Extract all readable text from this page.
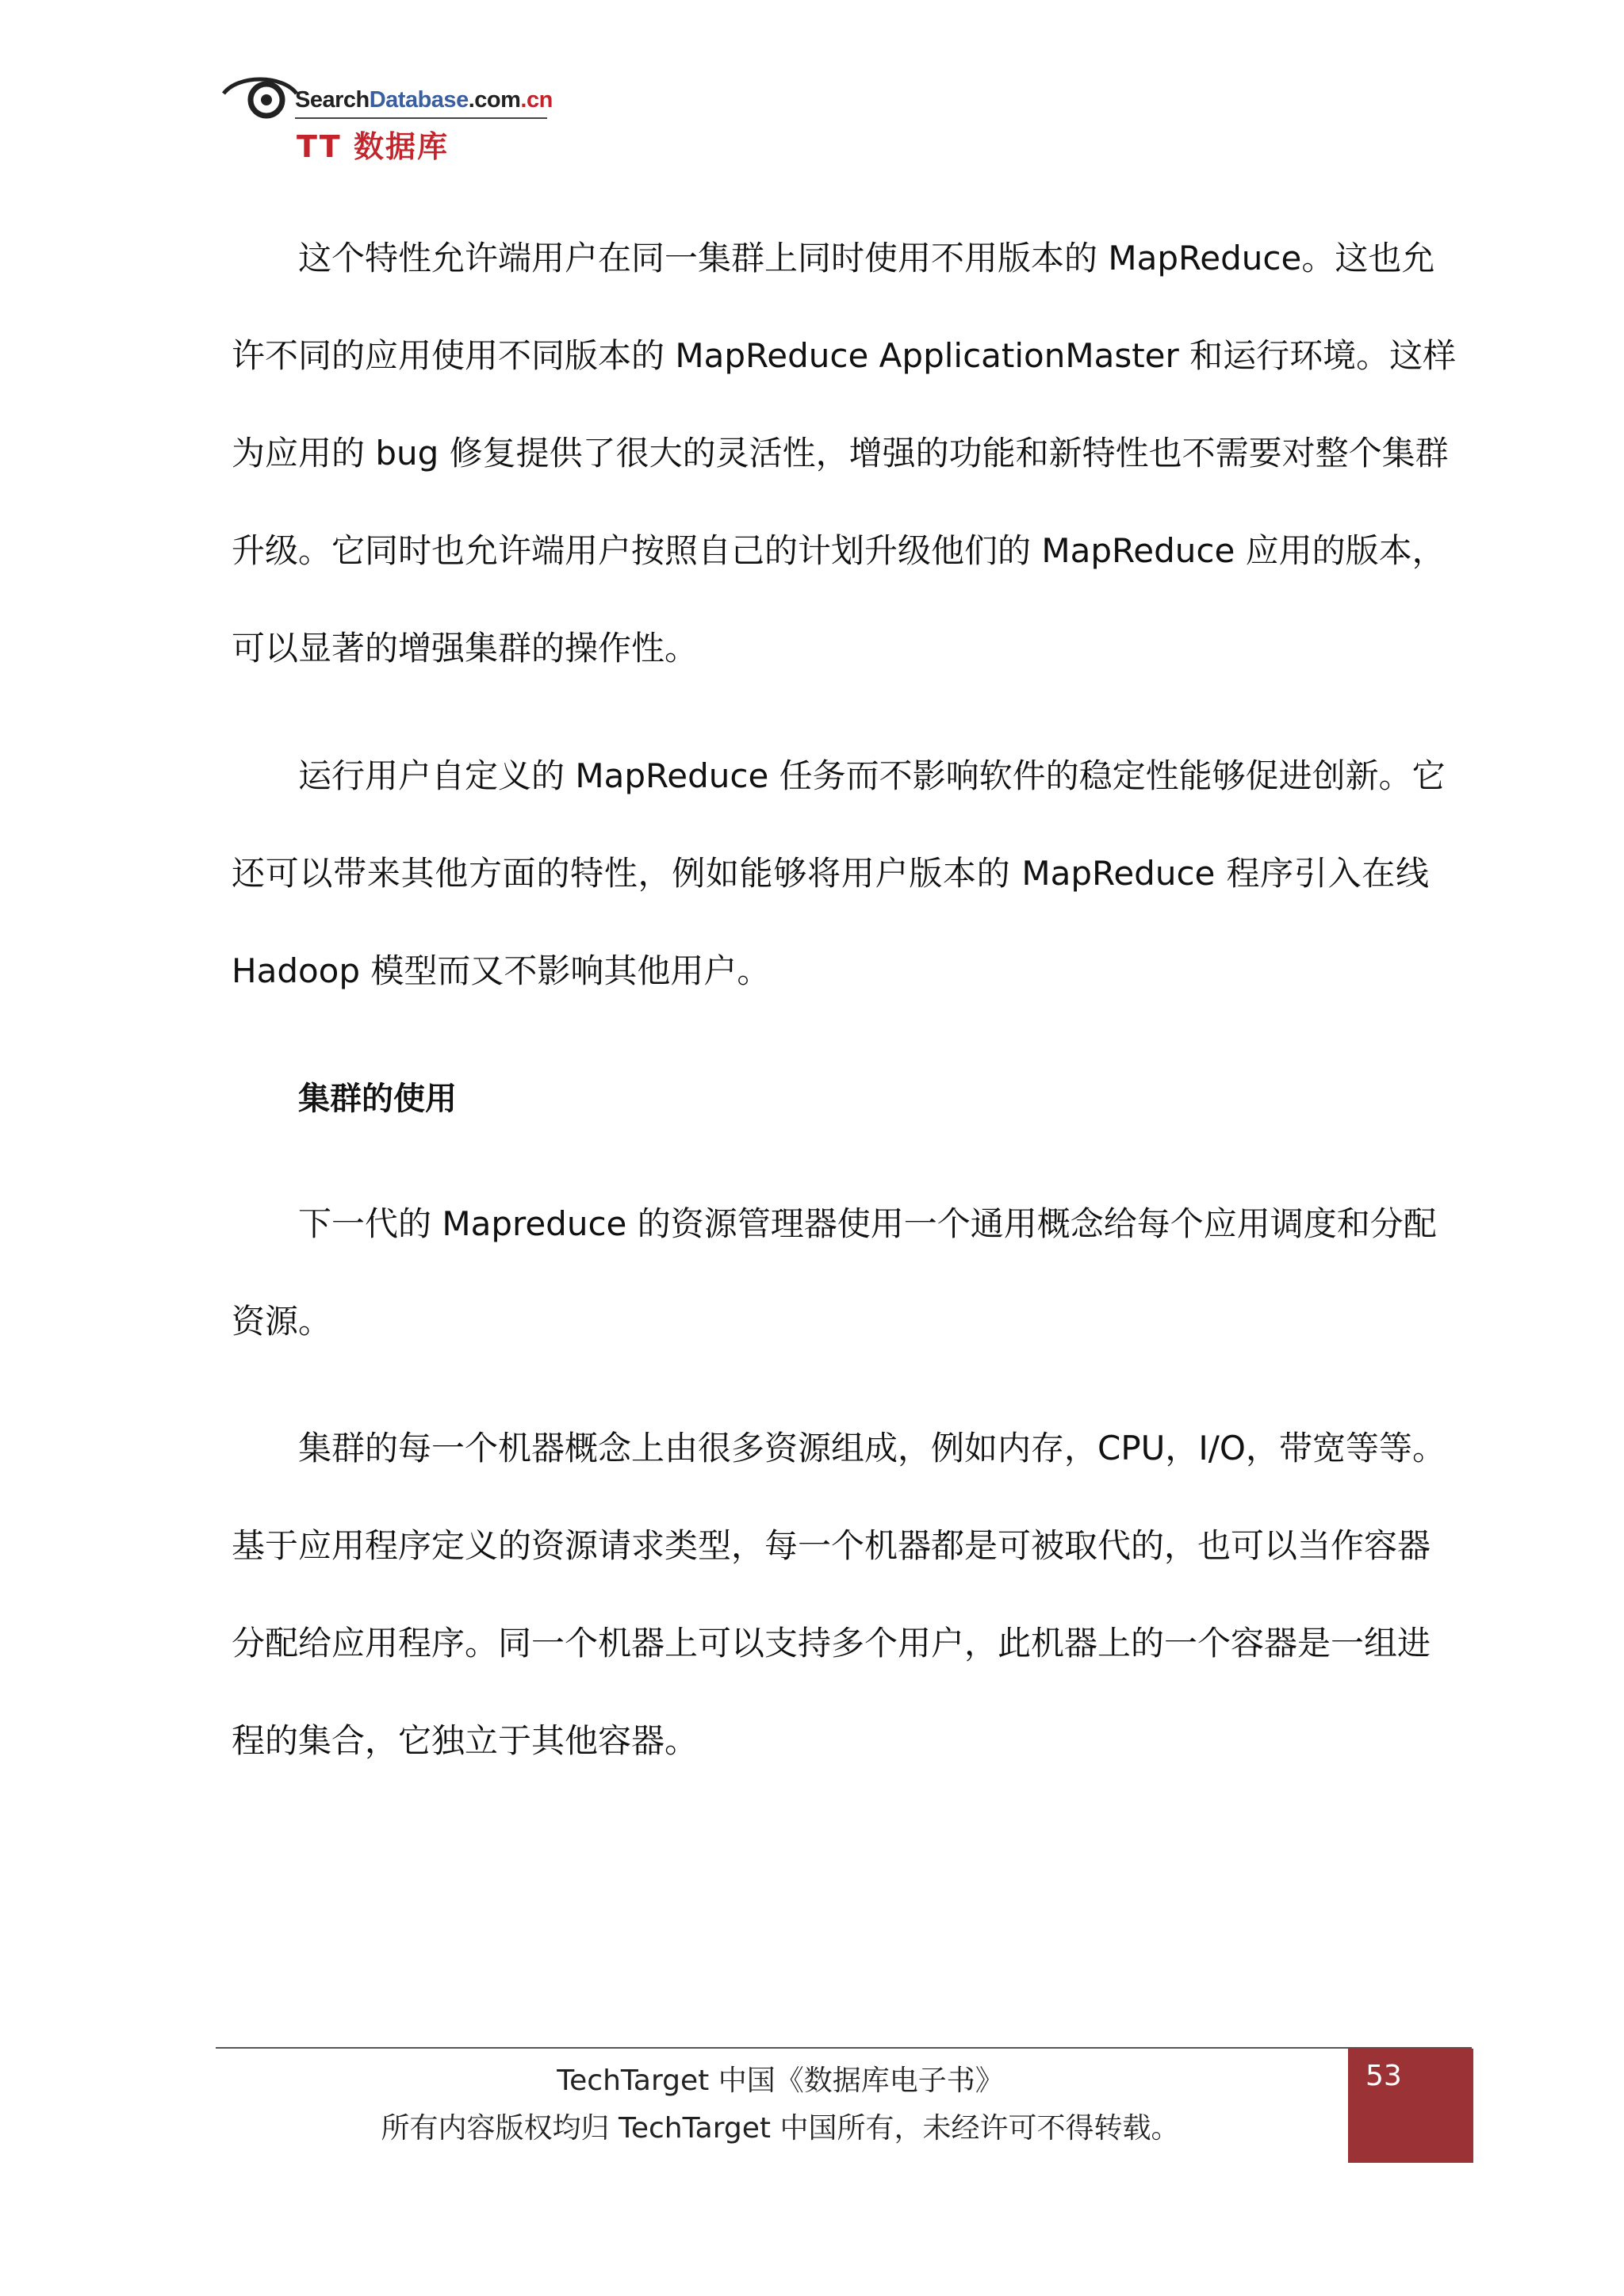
SearchDatabase.com.cn
TT 数据库
这个特性允许端用户在同一集群上同时使用不用版本的 MapReduce。这也允
许不同的应用使用不同版本的 MapReduce ApplicationMaster 和运行环境。这样
为应用的 bug 修复提供了很大的灵活性，增强的功能和新特性也不需要对整个集群
升级。它同时也允许端用户按照自己的计划升级他们的 MapReduce 应用的版本，
可以显著的增强集群的操作性。
运行用户自定义的 MapReduce 任务而不影响软件的稳定性能够促进创新。它
还可以带来其他方面的特性，例如能够将用户版本的 MapReduce 程序引入在线
Hadoop 模型而又不影响其他用户。
集群的使用
下一代的 Mapreduce 的资源管理器使用一个通用概念给每个应用调度和分配
资源。
集群的每一个机器概念上由很多资源组成，例如内存，CPU，I/O，带宽等等。
基于应用程序定义的资源请求类型，每一个机器都是可被取代的，也可以当作容器
分配给应用程序。同一个机器上可以支持多个用户，此机器上的一个容器是一组进
程的集合，它独立于其他容器。
TechTarget 中国《数据库电子书》
所有内容版权均归 TechTarget 中国所有，未经许可不得转载。
53
